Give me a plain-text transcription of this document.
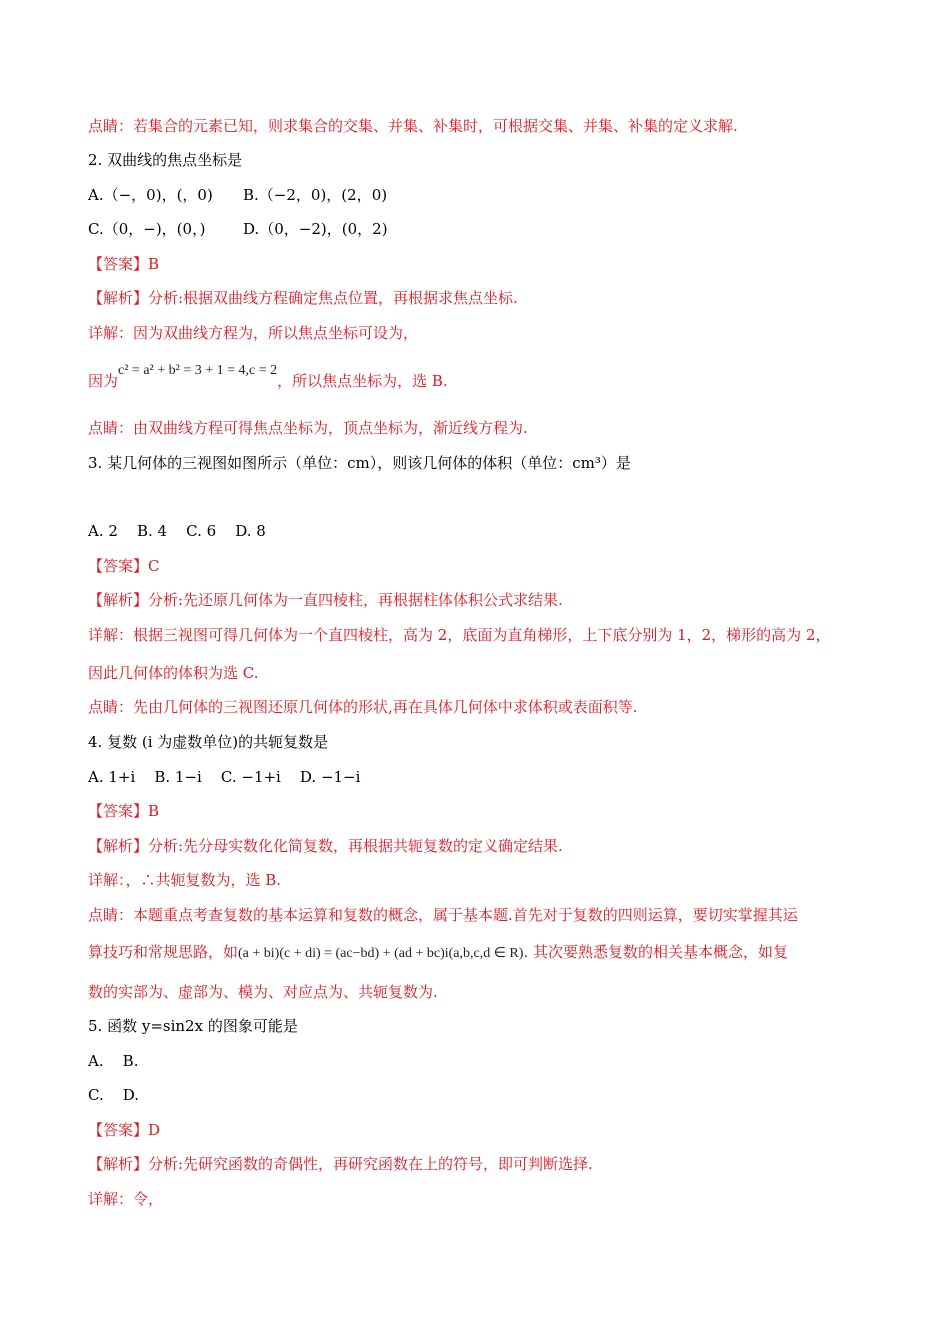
点睛：若集合的元素已知，则求集合的交集、并集、补集时，可根据交集、并集、补集的定义求解.
2. 双曲线的焦点坐标是
A.（−，0)，(，0) B.（−2，0)，(2，0)
C.（0，−)，(0，)	D.（0，−2)，(0，2)
【答案】B
【解析】分析:根据双曲线方程确定焦点位置，再根据求焦点坐标.
详解：因为双曲线方程为，所以焦点坐标可设为，
因为c² = a² + b² = 3 + 1 = 4,c = 2，所以焦点坐标为，选 B.
点睛：由双曲线方程可得焦点坐标为，顶点坐标为，渐近线方程为.
3. 某几何体的三视图如图所示（单位：cm），则该几何体的体积（单位：cm³）是
A. 2    B. 4    C. 6    D. 8
【答案】C
【解析】分析:先还原几何体为一直四棱柱，再根据柱体体积公式求结果.
详解：根据三视图可得几何体为一个直四棱柱，高为 2，底面为直角梯形，上下底分别为 1，2，梯形的高为 2，
因此几何体的体积为选 C.
点睛：先由几何体的三视图还原几何体的形状,再在具体几何体中求体积或表面积等.
4. 复数 (i 为虚数单位)的共轭复数是
A. 1+i    B. 1−i    C. −1+i    D. −1−i
【答案】B
【解析】分析:先分母实数化化简复数，再根据共轭复数的定义确定结果.
详解：，∴共轭复数为，选 B.
点睛：本题重点考查复数的基本运算和复数的概念，属于基本题.首先对于复数的四则运算，要切实掌握其运
算技巧和常规思路，如(a + bi)(c + di) = (ac−bd) + (ad + bc)i(a,b,c,d ∈ R). 其次要熟悉复数的相关基本概念，如复
数的实部为、虚部为、模为、对应点为、共轭复数为.
5. 函数 y=sin2x 的图象可能是
A.    B.
C.    D.
【答案】D
【解析】分析:先研究函数的奇偶性，再研究函数在上的符号，即可判断选择.
详解：令，
